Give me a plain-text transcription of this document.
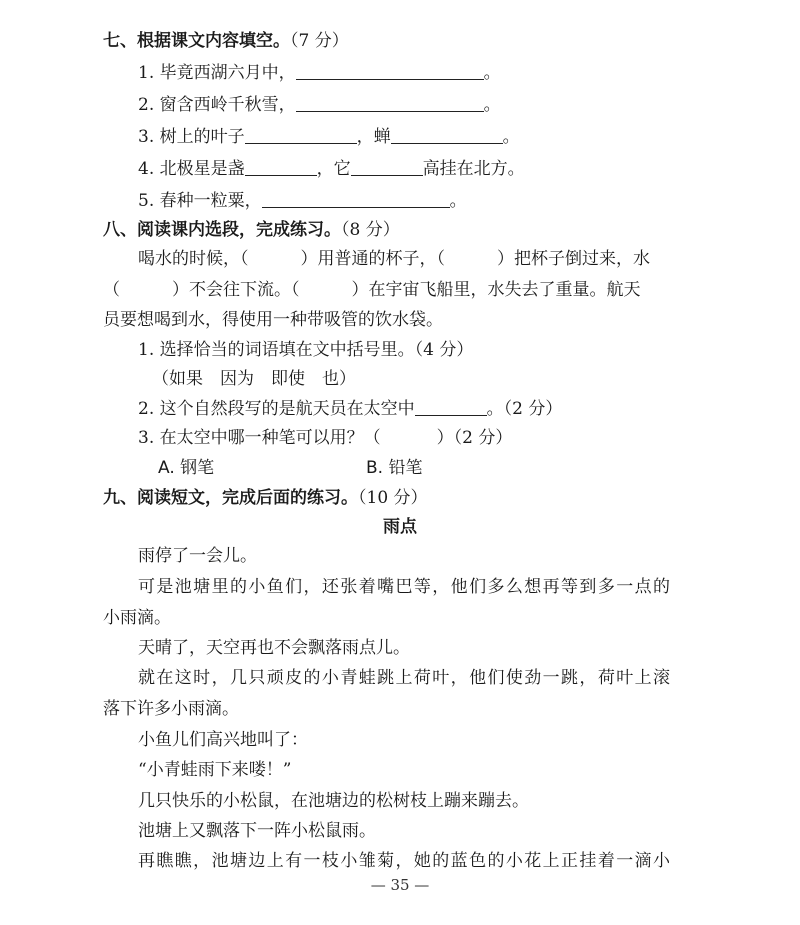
七、根据课文内容填空。（7 分）
1. 毕竟西湖六月中，	。
2. 窗含西岭千秋雪，	。
3. 树上的叶子	，蝉	。
4. 北极星是盏	，它	高挂在北方。
5. 春种一粒粟，	。
八、阅读课内选段，完成练习。（8 分）
喝水的时候，（	）用普通的杯子，（	）把杯子倒过来，水
（	）不会往下流。（	）在宇宙飞船里，水失去了重量。航天
员要想喝到水，得使用一种带吸管的饮水袋。
1. 选择恰当的词语填在文中括号里。（4 分）
（如果　因为　即使　也）
2. 这个自然段写的是航天员在太空中	。（2 分）
3. 在太空中哪一种笔可以用？（	）（2 分）
A. 钢笔	B. 铅笔
九、阅读短文，完成后面的练习。（10 分）
雨点
雨停了一会儿。
可是池塘里的小鱼们，还张着嘴巴等，他们多么想再等到多一点的
小雨滴。
天晴了，天空再也不会飘落雨点儿。
就在这时，几只顽皮的小青蛙跳上荷叶，他们使劲一跳，荷叶上滚
落下许多小雨滴。
小鱼儿们高兴地叫了：
“小青蛙雨下来喽！”
几只快乐的小松鼠，在池塘边的松树枝上蹦来蹦去。
池塘上又飘落下一阵小松鼠雨。
再瞧瞧，池塘边上有一枝小雏菊，她的蓝色的小花上正挂着一滴小
— 35 —
